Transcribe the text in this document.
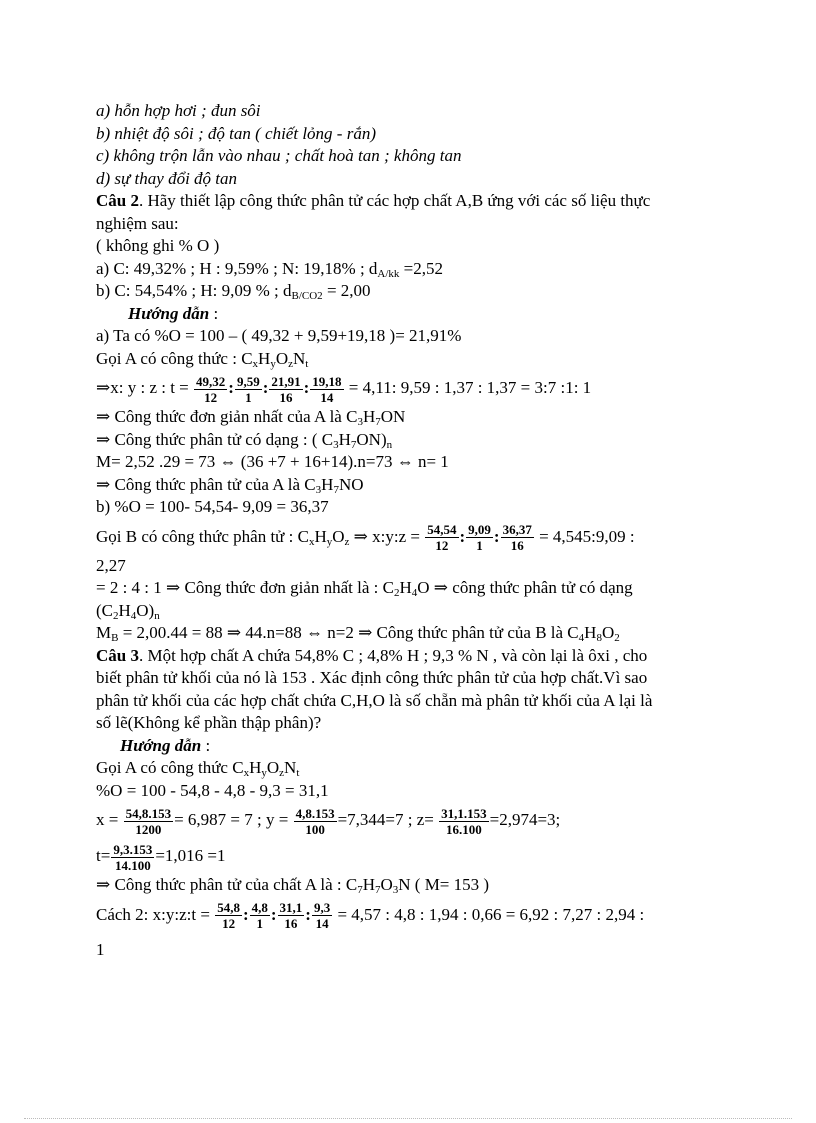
a) hỗn hợp hơi ; đun sôi
b) nhiệt độ sôi ; độ tan ( chiết lỏng - rắn)
c) không trộn lẫn vào nhau ; chất hoà tan ; không tan
d) sự thay đổi độ tan
Câu 2. Hãy thiết lập công thức phân tử các hợp chất A,B ứng với các số liệu thực
nghiệm sau:
( không ghi % O )
a) C: 49,32% ; H : 9,59% ; N: 19,18% ; $d_{A/kk} =2,52$
b) C: 54,54% ; H: 9,09 % ; $d_{B/CO2} = 2,00$
Hướng dẫn :
a) Ta có %O = 100 – ( 49,32 + 9,59+19,18 )= 21,91%
Gọi A có công thức : $C_xH_yO_zN_t$
⇒x: y : z : $t = \frac{49,32}{12}$ : $\frac{9,59}{1}$ : $\frac{21,91}{16}$ : $\frac{19,18}{14} = 4,11$: 9,59 : 1,37 : 1,37 = 3:7 :1: 1
⇒ Công thức đơn giản nhất của A là $C_3H_7ON$
⇒ Công thức phân tử có dạng : ( $C_3H_7ON)_n$
M= 2,52 .29 = 73 ⇔ (36 +7 + 16+14).n=73 ⇔ n= 1
⇒ Công thức phân tử của A là $C_3H_7NO$
b) %O = 100- 54,54- 9,09 = 36,37
Gọi B có công thức phân tử : $C_xH_yO_z$ ⇒ x:y:z = $\frac{54,54}{12}$ : $\frac{9,09}{1}$ : $\frac{36,37}{16}$ = 4,545:9,09 :
2,27
= 2 : 4 : 1 ⇒ Công thức đơn giản nhất là : $C_2H_4O$ ⇒ công thức phân tử có dạng
$(C_2H_4O)_n$
$M_B = 2,00.44 = 88$ ⇒ 44.n=88 ⇔ n=2 ⇒ Công thức phân tử của B là $C_4H_8O_2$
Câu 3. Một hợp chất A chứa 54,8% C ; 4,8% H ; 9,3 % N , và còn lại là ôxi , cho
biết phân tử khối của nó là 153 . Xác định công thức phân tử của hợp chất.Vì sao
phân tử khối của các hợp chất chứa C,H,O là số chẵn mà phân tử khối của A lại là
số lẽ(Không kể phần thập phân)?
Hướng dẫn :
Gọi A có công thức $C_xH_yO_zN_t$
%O = 100 - 54,8 - 4,8 - 9,3 = 31,1
$x = \frac{54,8.153}{1200} = 6,987 = 7$ ; $y = \frac{4,8.153}{100} =7,344=7$ ; $z= \frac{31,1.153}{16.100} =2,974=3$;
$t= \frac{9,3.153}{14.100} =1,016 =1$
⇒ Công thức phân tử của chất A là : $C_7H_7O_3N$ ( M= 153 )
Cách 2: x:y:z:t = $\frac{54,8}{12}$ : $\frac{4,8}{1}$ : $\frac{31,1}{16}$ : $\frac{9,3}{14} = 4,57$ : 4,8 : 1,94 : 0,66 = 6,92 : 7,27 : 2,94 :
1
